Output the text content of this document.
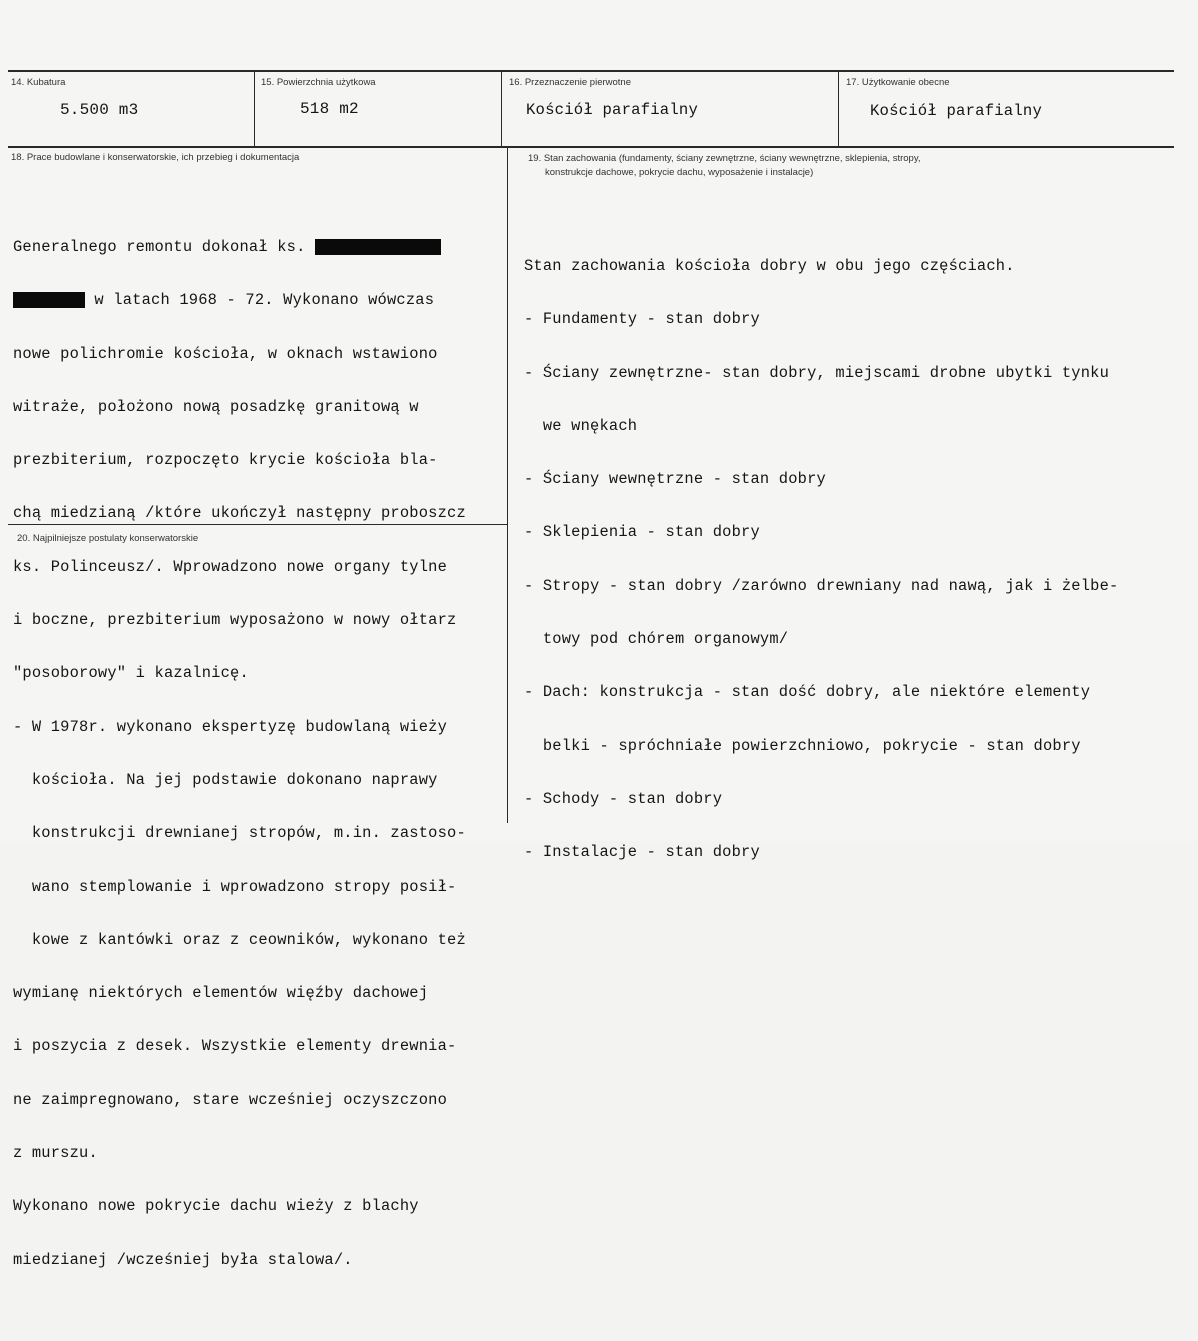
14. Kubatura
5.500 m3
15. Powierzchnia użytkowa
518 m2
16. Przeznaczenie pierwotne
Kościół parafialny
17. Użytkowanie obecne
Kościół parafialny
18. Prace budowlane i konserwatorskie, ich przebieg i dokumentacja

Generalnego remontu dokonał ks.

w latach 1968 - 72. Wykonano wówczas

nowe polichromie kościoła, w oknach wstawiono

witraże, położono nową posadzkę granitową w

prezbiterium, rozpoczęto krycie kościoła bla-

chą miedzianą /które ukończył następny proboszcz

ks. Polinceusz/. Wprowadzono nowe organy tylne

i boczne, prezbiterium wyposażono w nowy ołtarz

"posoborowy" i kazalnicę.

- W 1978r. wykonano ekspertyzę budowlaną wieży

kościoła. Na jej podstawie dokonano naprawy

konstrukcji drewnianej stropów, m.in. zastoso-

wano stemplowanie i wprowadzono stropy posił-

kowe z kantówki oraz z ceowników, wykonano też

wymianę niektórych elementów więźby dachowej

i poszycia z desek. Wszystkie elementy drewnia-

ne zaimpregnowano, stare wcześniej oczyszczono

z murszu.

Wykonano nowe pokrycie dachu wieży z blachy

miedzianej /wcześniej była stalowa/.

19. Stan zachowania (fundamenty, ściany zewnętrzne, ściany wewnętrzne, sklepienia, stropy,
konstrukcje dachowe, pokrycie dachu, wyposażenie i instalacje)

Stan zachowania kościoła dobry w obu jego częściach.

- Fundamenty - stan dobry

- Ściany zewnętrzne- stan dobry, miejscami drobne ubytki tynku

we wnękach

- Ściany wewnętrzne - stan dobry

- Sklepienia - stan dobry

- Stropy - stan dobry /zarówno drewniany nad nawą, jak i żelbe-

towy pod chórem organowym/

- Dach: konstrukcja - stan dość dobry, ale niektóre elementy

belki - spróchniałe powierzchniowo, pokrycie - stan dobry

- Schody - stan dobry

- Instalacje - stan dobry

20. Najpilniejsze postulaty konserwatorskie
